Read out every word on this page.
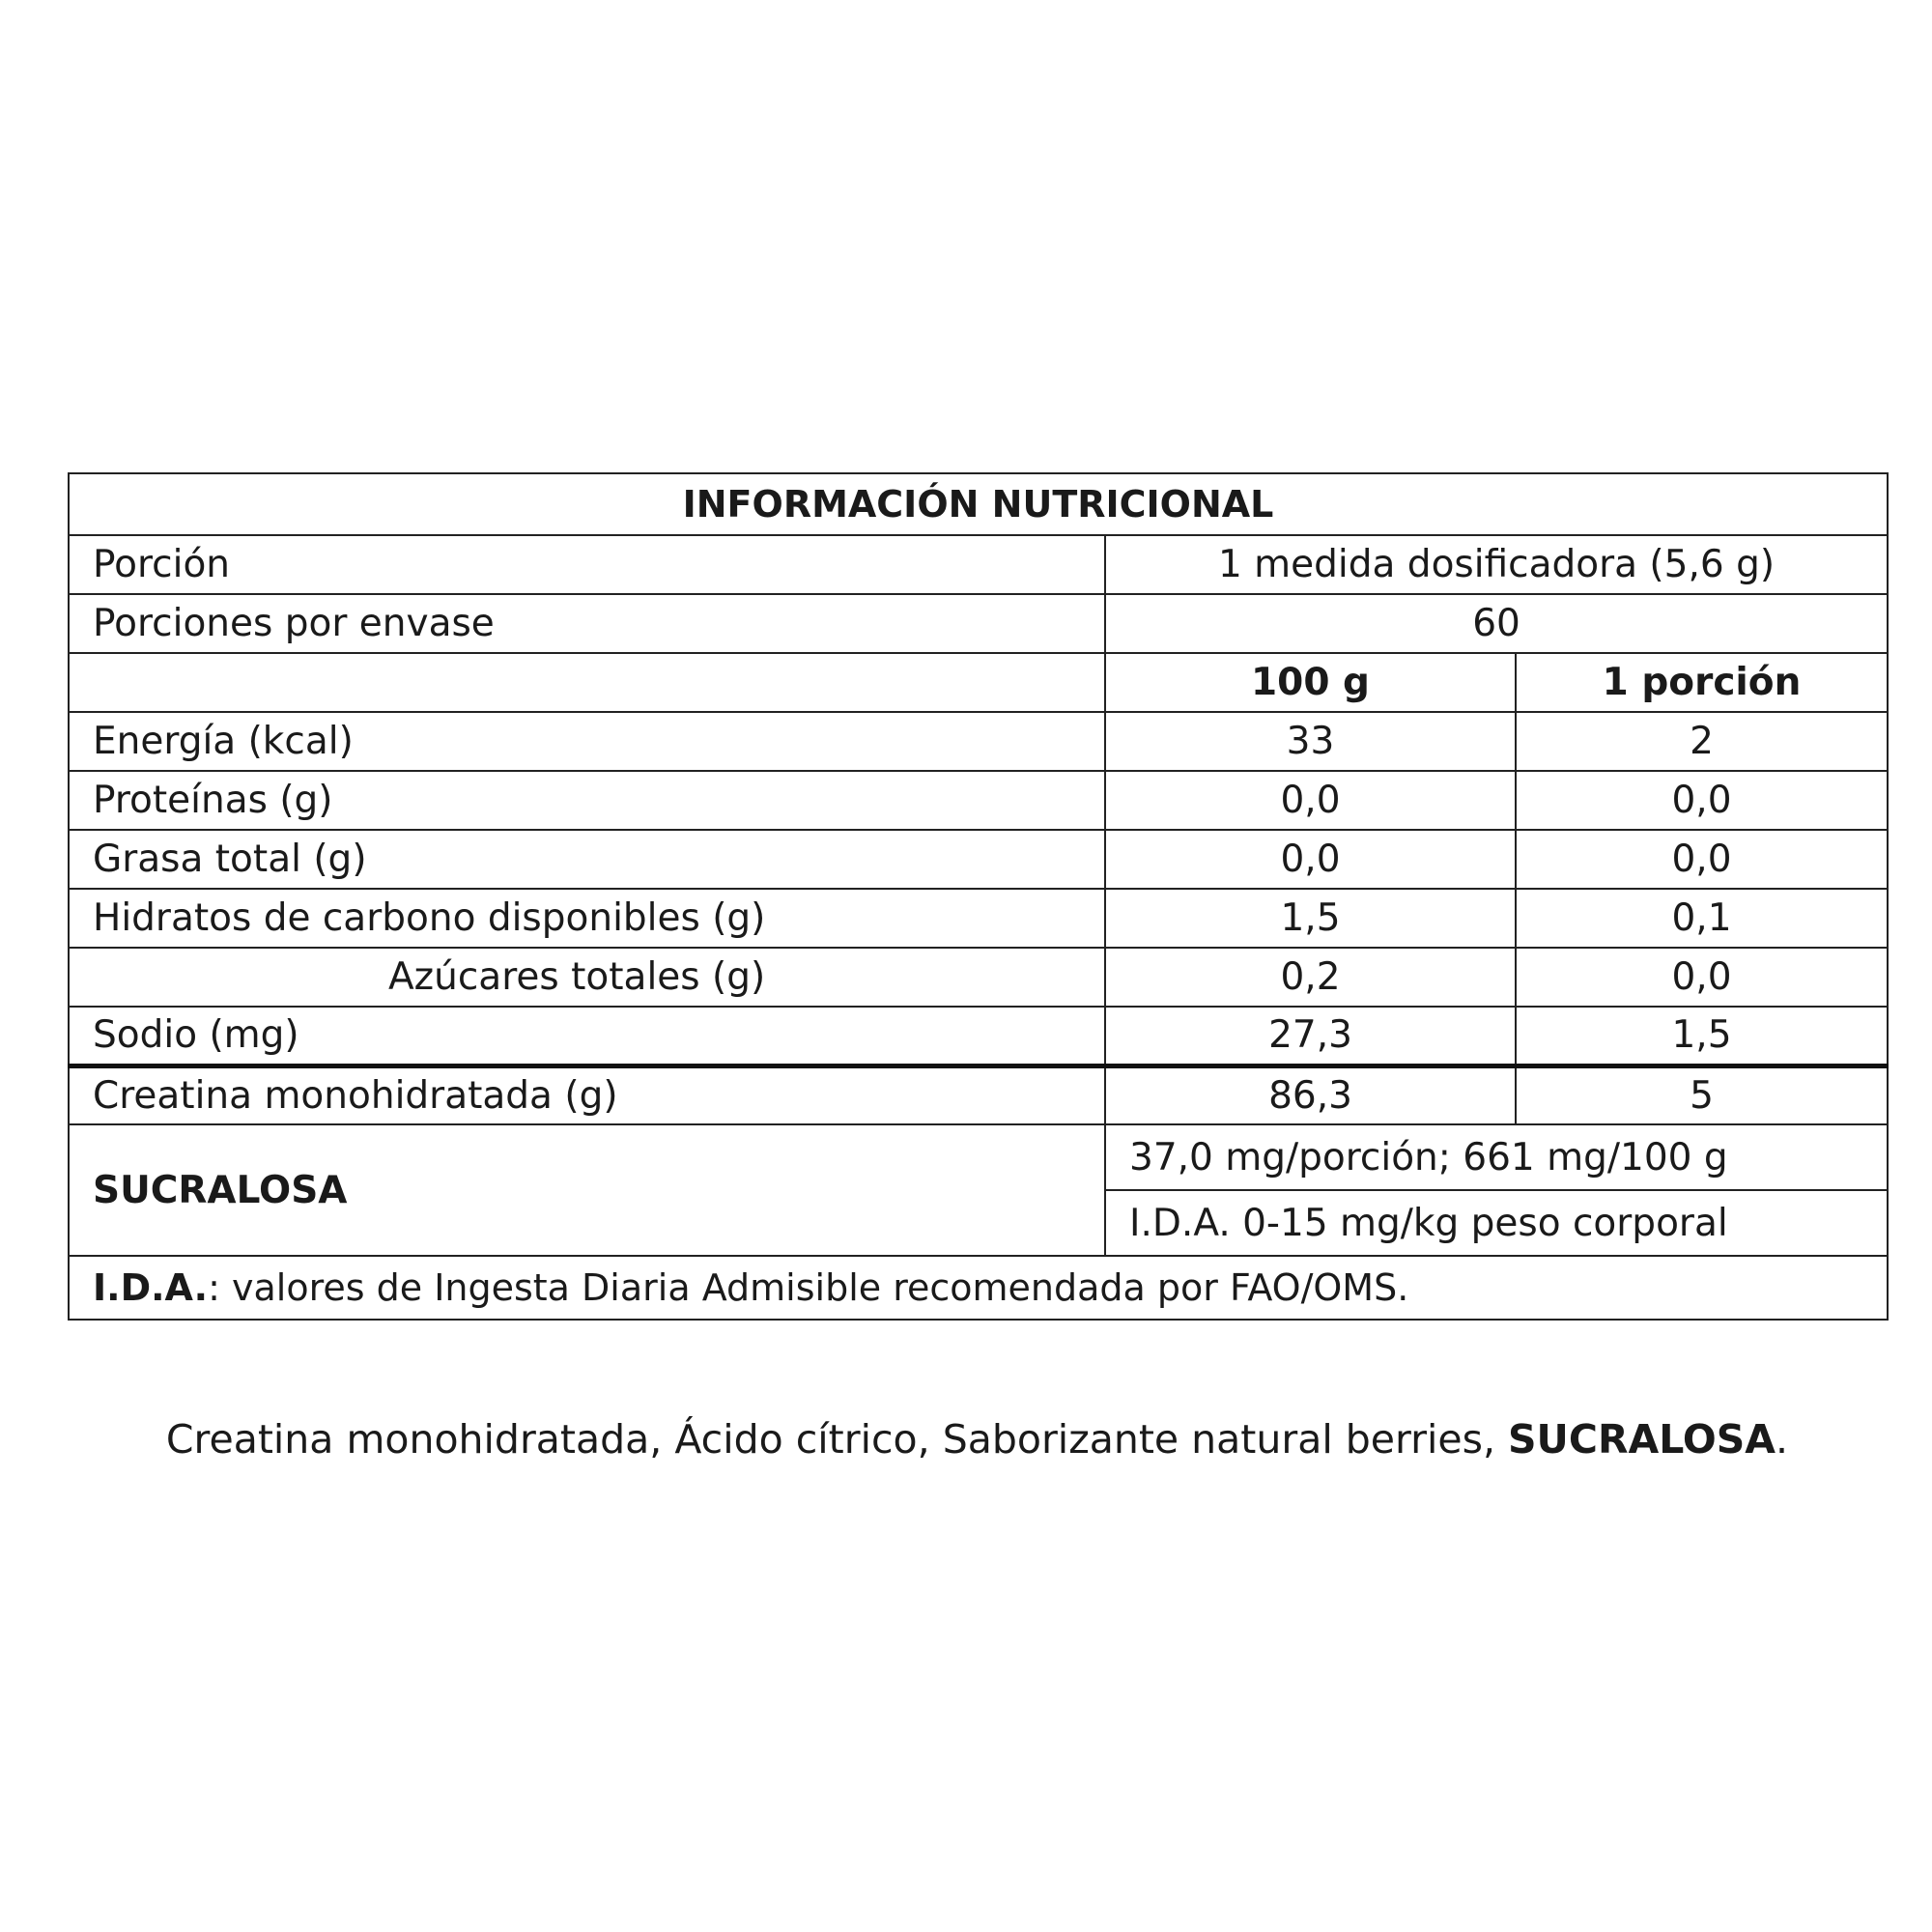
INFORMACIÓN NUTRICIONAL		
Porción	1 medida dosificadora (5,6 g)	
Porciones por envase	60	
	100 g	1 porción
Energía (kcal)	33	2
Proteínas (g)	0,0	0,0
Grasa total (g)	0,0	0,0
Hidratos de carbono disponibles (g)	1,5	0,1
Azúcares totales (g)	0,2	0,0
Sodio (mg)	27,3	1,5
Creatina monohidratada (g)	86,3	5
SUCRALOSA	37,0 mg/porción; 661 mg/100 g	
	I.D.A. 0-15 mg/kg peso corporal	
I.D.A.: valores de Ingesta Diaria Admisible recomendada por FAO/OMS.		
Creatina monohidratada, Ácido cítrico, Saborizante natural berries, SUCRALOSA.
